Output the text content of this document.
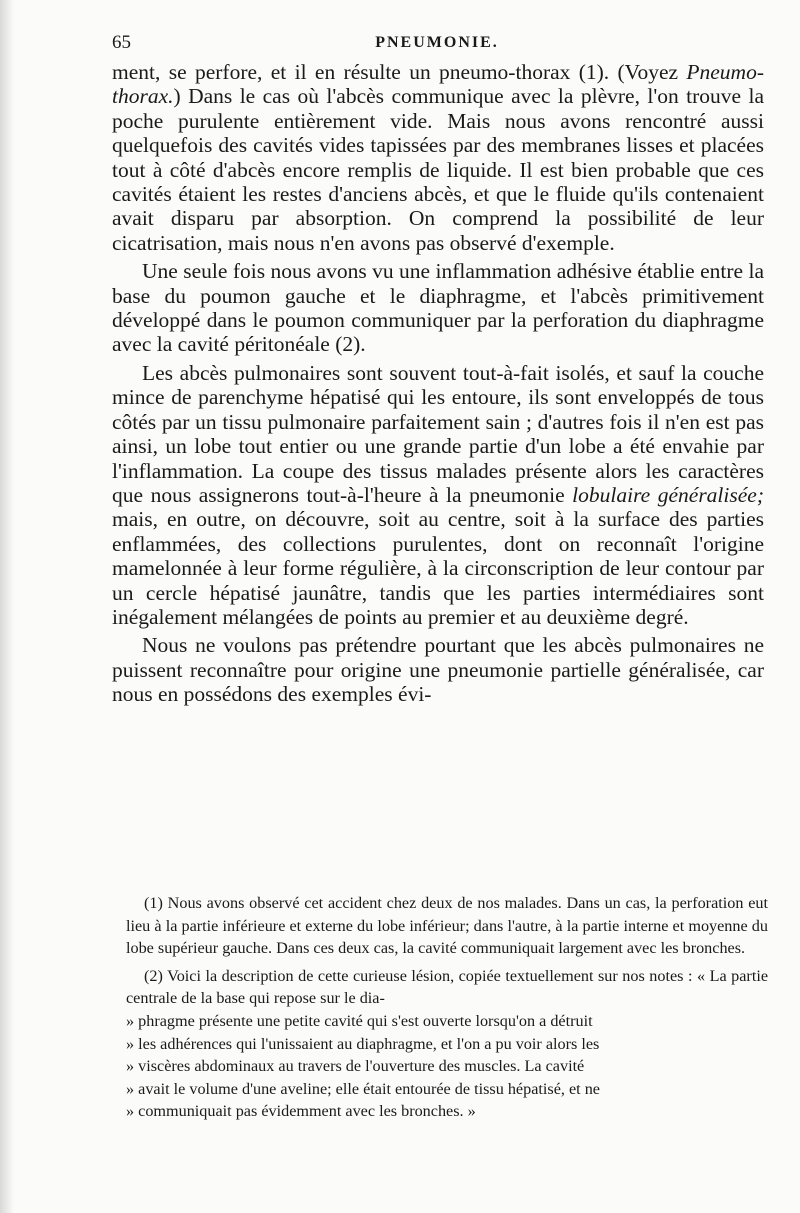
65	PNEUMONIE.

ment, se perfore, et il en résulte un pneumo-thorax (1). (Voyez Pneumo-thorax.) Dans le cas où l'abcès communique avec la plèvre, l'on trouve la poche purulente entièrement vide. Mais nous avons rencontré aussi quelquefois des cavités vides tapissées par des membranes lisses et placées tout à côté d'abcès encore remplis de liquide. Il est bien probable que ces cavités étaient les restes d'anciens abcès, et que le fluide qu'ils contenaient avait disparu par absorption. On comprend la possibilité de leur cicatrisation, mais nous n'en avons pas observé d'exemple.

Une seule fois nous avons vu une inflammation adhésive établie entre la base du poumon gauche et le diaphragme, et l'abcès primitivement développé dans le poumon communiquer par la perforation du diaphragme avec la cavité péritonéale (2).

Les abcès pulmonaires sont souvent tout-à-fait isolés, et sauf la couche mince de parenchyme hépatisé qui les entoure, ils sont enveloppés de tous côtés par un tissu pulmonaire parfaitement sain ; d'autres fois il n'en est pas ainsi, un lobe tout entier ou une grande partie d'un lobe a été envahie par l'inflammation. La coupe des tissus malades présente alors les caractères que nous assignerons tout-à-l'heure à la pneumonie lobulaire généralisée; mais, en outre, on découvre, soit au centre, soit à la surface des parties enflammées, des collections purulentes, dont on reconnaît l'origine mamelonnée à leur forme régulière, à la circonscription de leur contour par un cercle hépatisé jaunâtre, tandis que les parties intermédiaires sont inégalement mélangées de points au premier et au deuxième degré.

Nous ne voulons pas prétendre pourtant que les abcès pulmonaires ne puissent reconnaître pour origine une pneumonie partielle généralisée, car nous en possédons des exemples évi-

(1) Nous avons observé cet accident chez deux de nos malades. Dans un cas, la perforation eut lieu à la partie inférieure et externe du lobe inférieur; dans l'autre, à la partie interne et moyenne du lobe supérieur gauche. Dans ces deux cas, la cavité communiquait largement avec les bronches.

(2) Voici la description de cette curieuse lésion, copiée textuellement sur nos notes : « La partie centrale de la base qui repose sur le dia-
» phragme présente une petite cavité qui s'est ouverte lorsqu'on a détruit
» les adhérences qui l'unissaient au diaphragme, et l'on a pu voir alors les
» viscères abdominaux au travers de l'ouverture des muscles. La cavité
» avait le volume d'une aveline; elle était entourée de tissu hépatisé, et ne
» communiquait pas évidemment avec les bronches. »
